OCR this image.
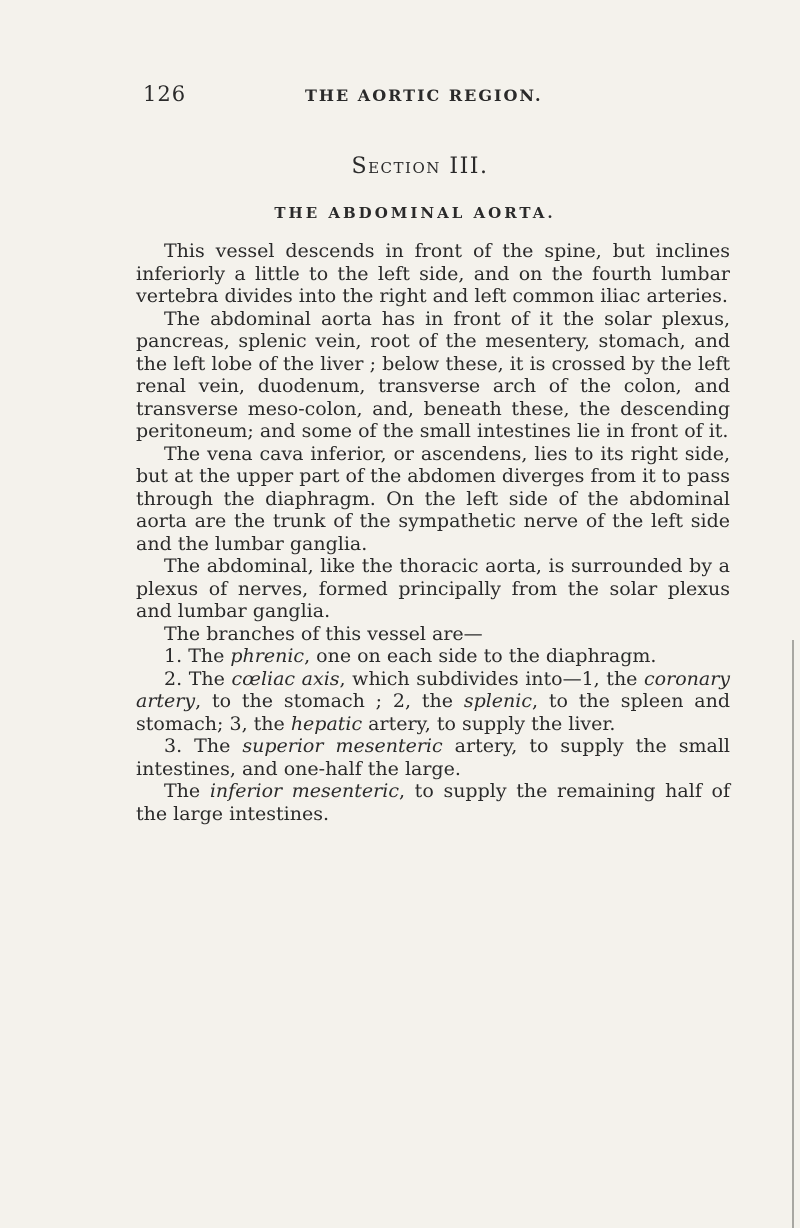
126	THE AORTIC REGION.
Section III.
THE ABDOMINAL AORTA.

This vessel descends in front of the spine, but inclines inferiorly a little to the left side, and on the fourth lumbar vertebra divides into the right and left common iliac arteries.

The abdominal aorta has in front of it the solar plexus, pancreas, splenic vein, root of the mesentery, stomach, and the left lobe of the liver ; below these, it is crossed by the left renal vein, duodenum, transverse arch of the colon, and transverse meso-colon, and, beneath these, the descending peritoneum; and some of the small intestines lie in front of it.

The vena cava inferior, or ascendens, lies to its right side, but at the upper part of the abdomen diverges from it to pass through the diaphragm. On the left side of the abdominal aorta are the trunk of the sympathetic nerve of the left side and the lumbar ganglia.

The abdominal, like the thoracic aorta, is surrounded by a plexus of nerves, formed principally from the solar plexus and lumbar ganglia.

The branches of this vessel are—

1. The phrenic, one on each side to the diaphragm.

2. The cœliac axis, which subdivides into—1, the coronary artery, to the stomach ; 2, the splenic, to the spleen and stomach; 3, the hepatic artery, to supply the liver.

3. The superior mesenteric artery, to supply the small intestines, and one-half the large.

The inferior mesenteric, to supply the remaining half of the large intestines.
